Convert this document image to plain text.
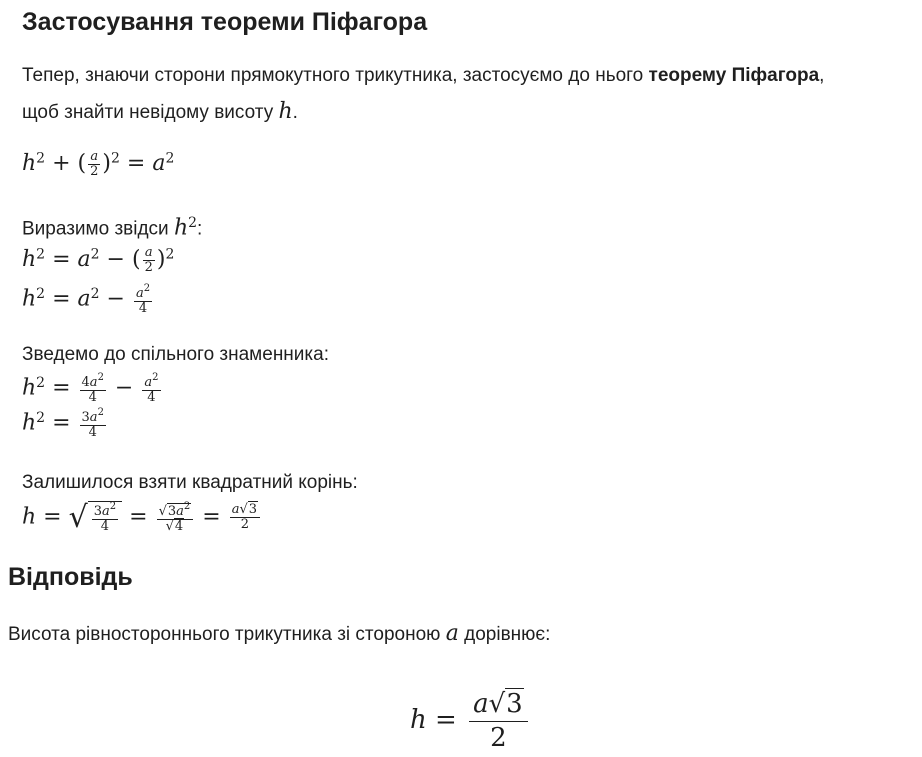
Застосування теореми Піфагора
Тепер, знаючи сторони прямокутного трикутника, застосуємо до нього теорему Піфагора,
щоб знайти невідому висоту h.
$h^2$ + ( $\frac{a}{2} )^2 = a^2$
Виразимо звідси $h^2$:
$h^2 = a^2$ − ( $\frac{a}{2} )^2$
$h^2 = a^2 - \frac{a^2}{4}$
Зведемо до спільного знаменника:
$h^2 = \frac{4a^2}{4} - \frac{a^2}{4}$
$h^2 = \frac{3a^2}{4}$
Залишилося взяти квадратний корінь:
h = √ $\frac{3a^2}{4} = \frac{√3a^2}{√4} = \frac{a√3}{2}$
Відповідь
Висота рівностороннього трикутника зі стороною a дорівнює:
$h = \frac{a√3}{2}$
